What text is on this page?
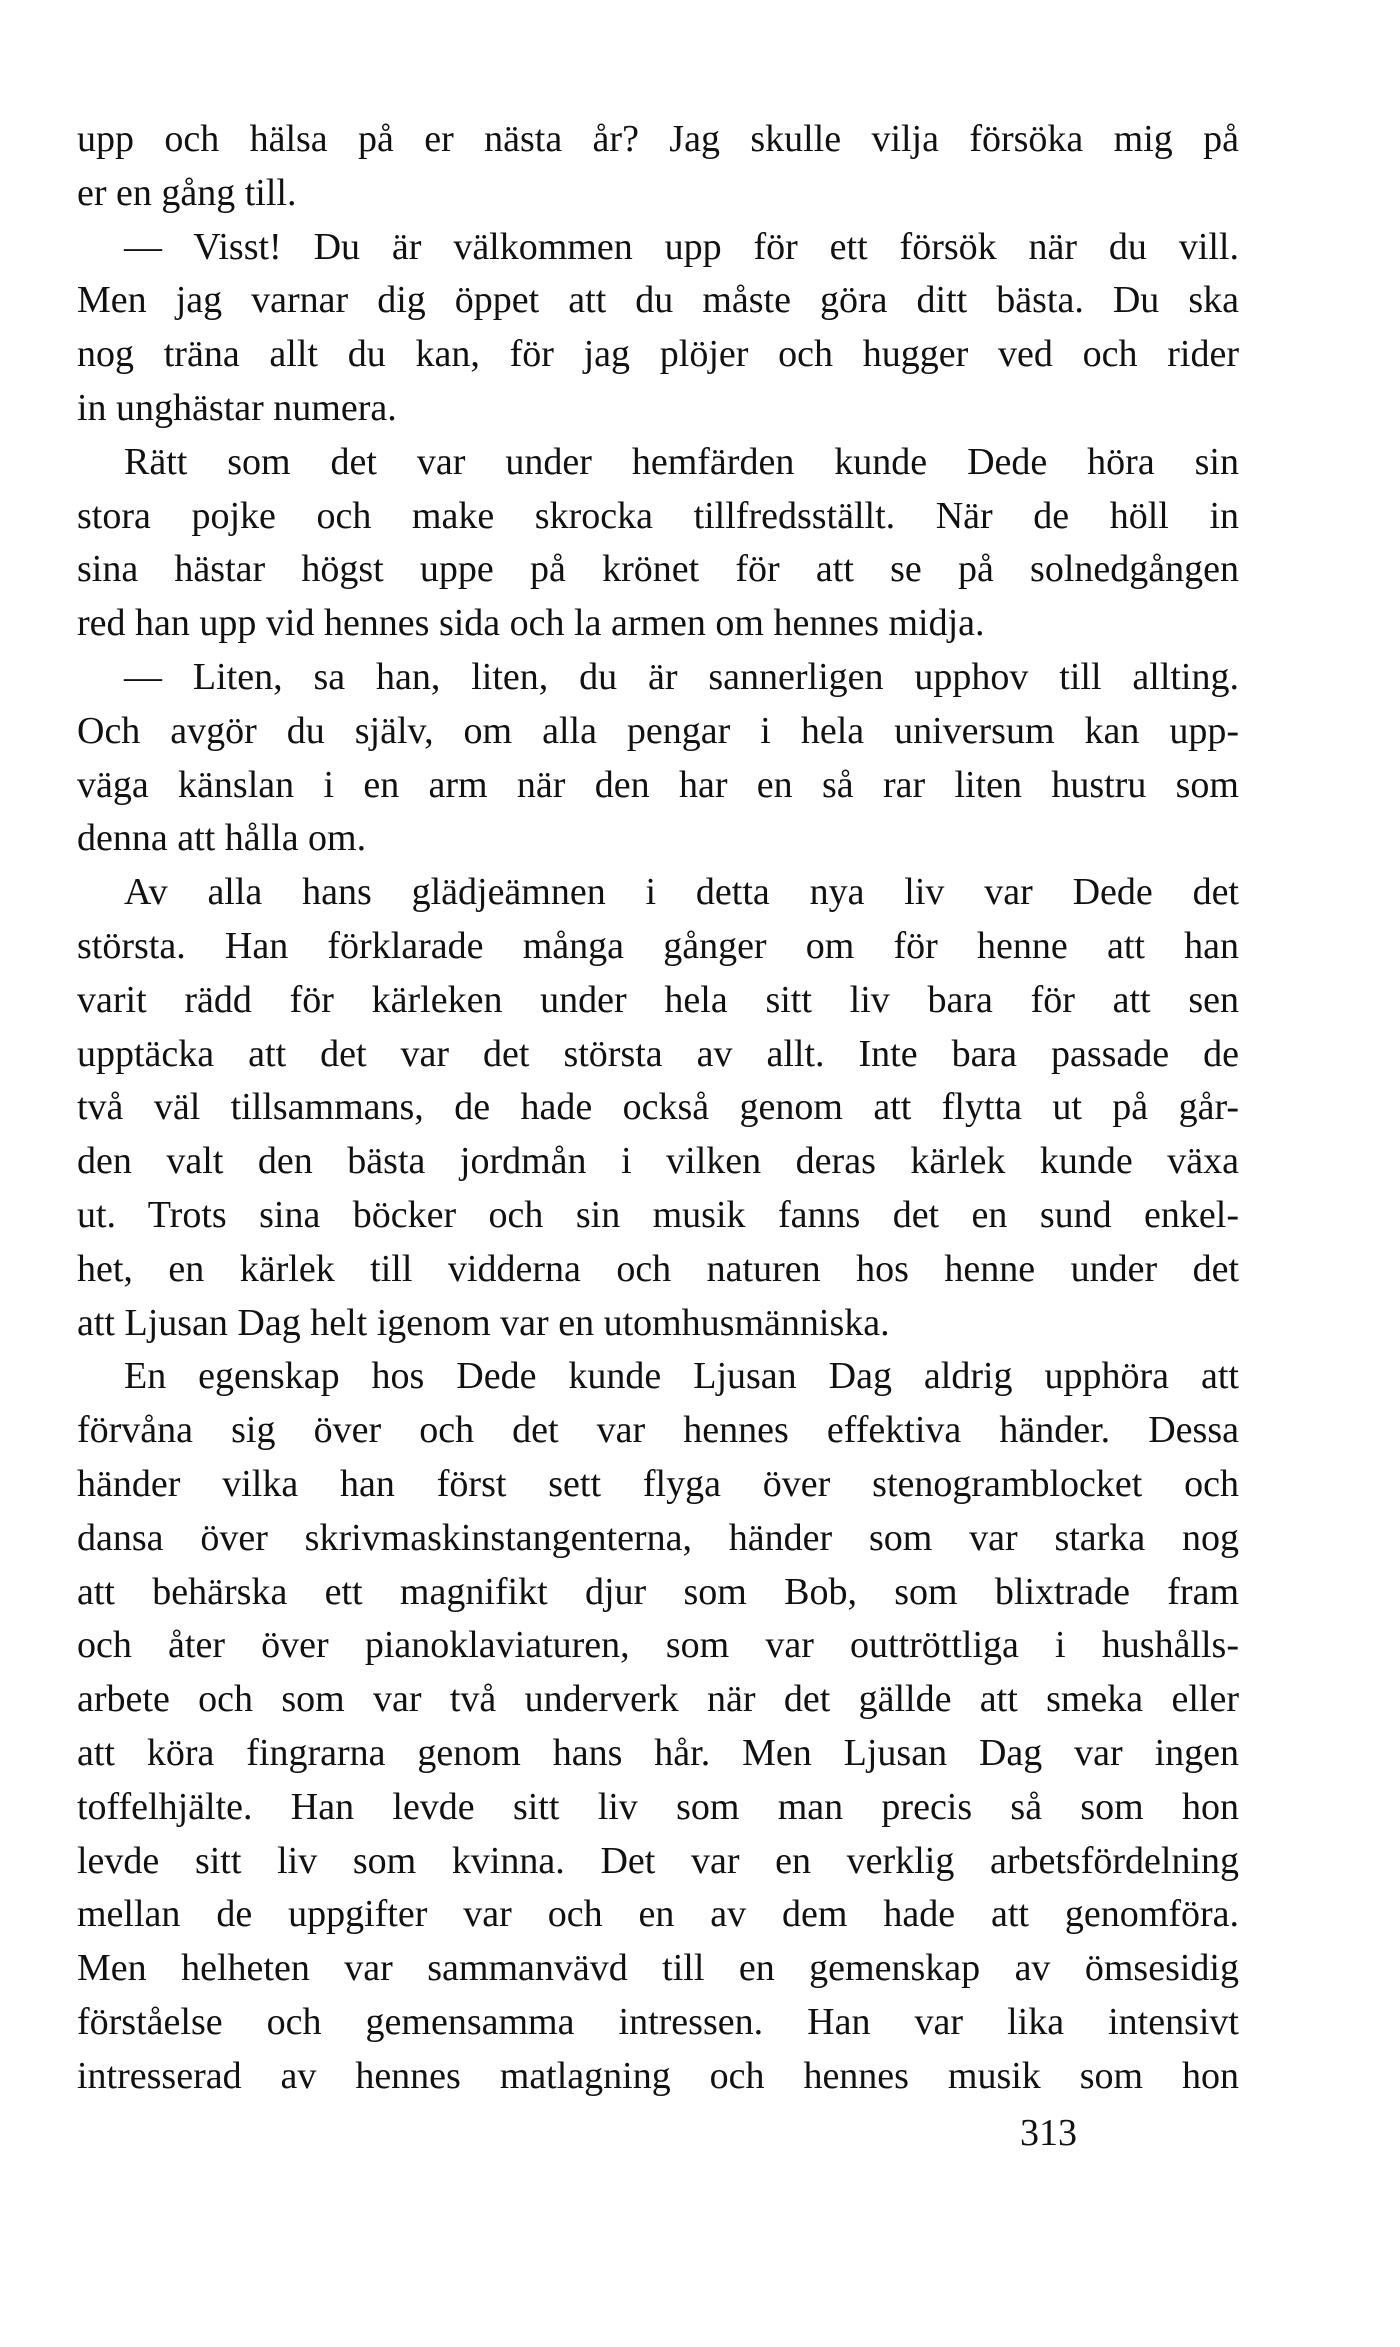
upp och hälsa på er nästa år? Jag skulle vilja försöka mig på
er en gång till.
— Visst! Du är välkommen upp för ett försök när du vill.
Men jag varnar dig öppet att du måste göra ditt bästa. Du ska
nog träna allt du kan, för jag plöjer och hugger ved och rider
in unghästar numera.
Rätt som det var under hemfärden kunde Dede höra sin
stora pojke och make skrocka tillfredsställt. När de höll in
sina hästar högst uppe på krönet för att se på solnedgången
red han upp vid hennes sida och la armen om hennes midja.
— Liten, sa han, liten, du är sannerligen upphov till allting.
Och avgör du själv, om alla pengar i hela universum kan upp-
väga känslan i en arm när den har en så rar liten hustru som
denna att hålla om.
Av alla hans glädjeämnen i detta nya liv var Dede det
största. Han förklarade många gånger om för henne att han
varit rädd för kärleken under hela sitt liv bara för att sen
upptäcka att det var det största av allt. Inte bara passade de
två väl tillsammans, de hade också genom att flytta ut på går-
den valt den bästa jordmån i vilken deras kärlek kunde växa
ut. Trots sina böcker och sin musik fanns det en sund enkel-
het, en kärlek till vidderna och naturen hos henne under det
att Ljusan Dag helt igenom var en utomhusmänniska.
En egenskap hos Dede kunde Ljusan Dag aldrig upphöra att
förvåna sig över och det var hennes effektiva händer. Dessa
händer vilka han först sett flyga över stenogramblocket och
dansa över skrivmaskinstangenterna, händer som var starka nog
att behärska ett magnifikt djur som Bob, som blixtrade fram
och åter över pianoklaviaturen, som var outtröttliga i hushålls-
arbete och som var två underverk när det gällde att smeka eller
att köra fingrarna genom hans hår. Men Ljusan Dag var ingen
toffelhjälte. Han levde sitt liv som man precis så som hon
levde sitt liv som kvinna. Det var en verklig arbetsfördelning
mellan de uppgifter var och en av dem hade att genomföra.
Men helheten var sammanvävd till en gemenskap av ömsesidig
förståelse och gemensamma intressen. Han var lika intensivt
intresserad av hennes matlagning och hennes musik som hon
313
